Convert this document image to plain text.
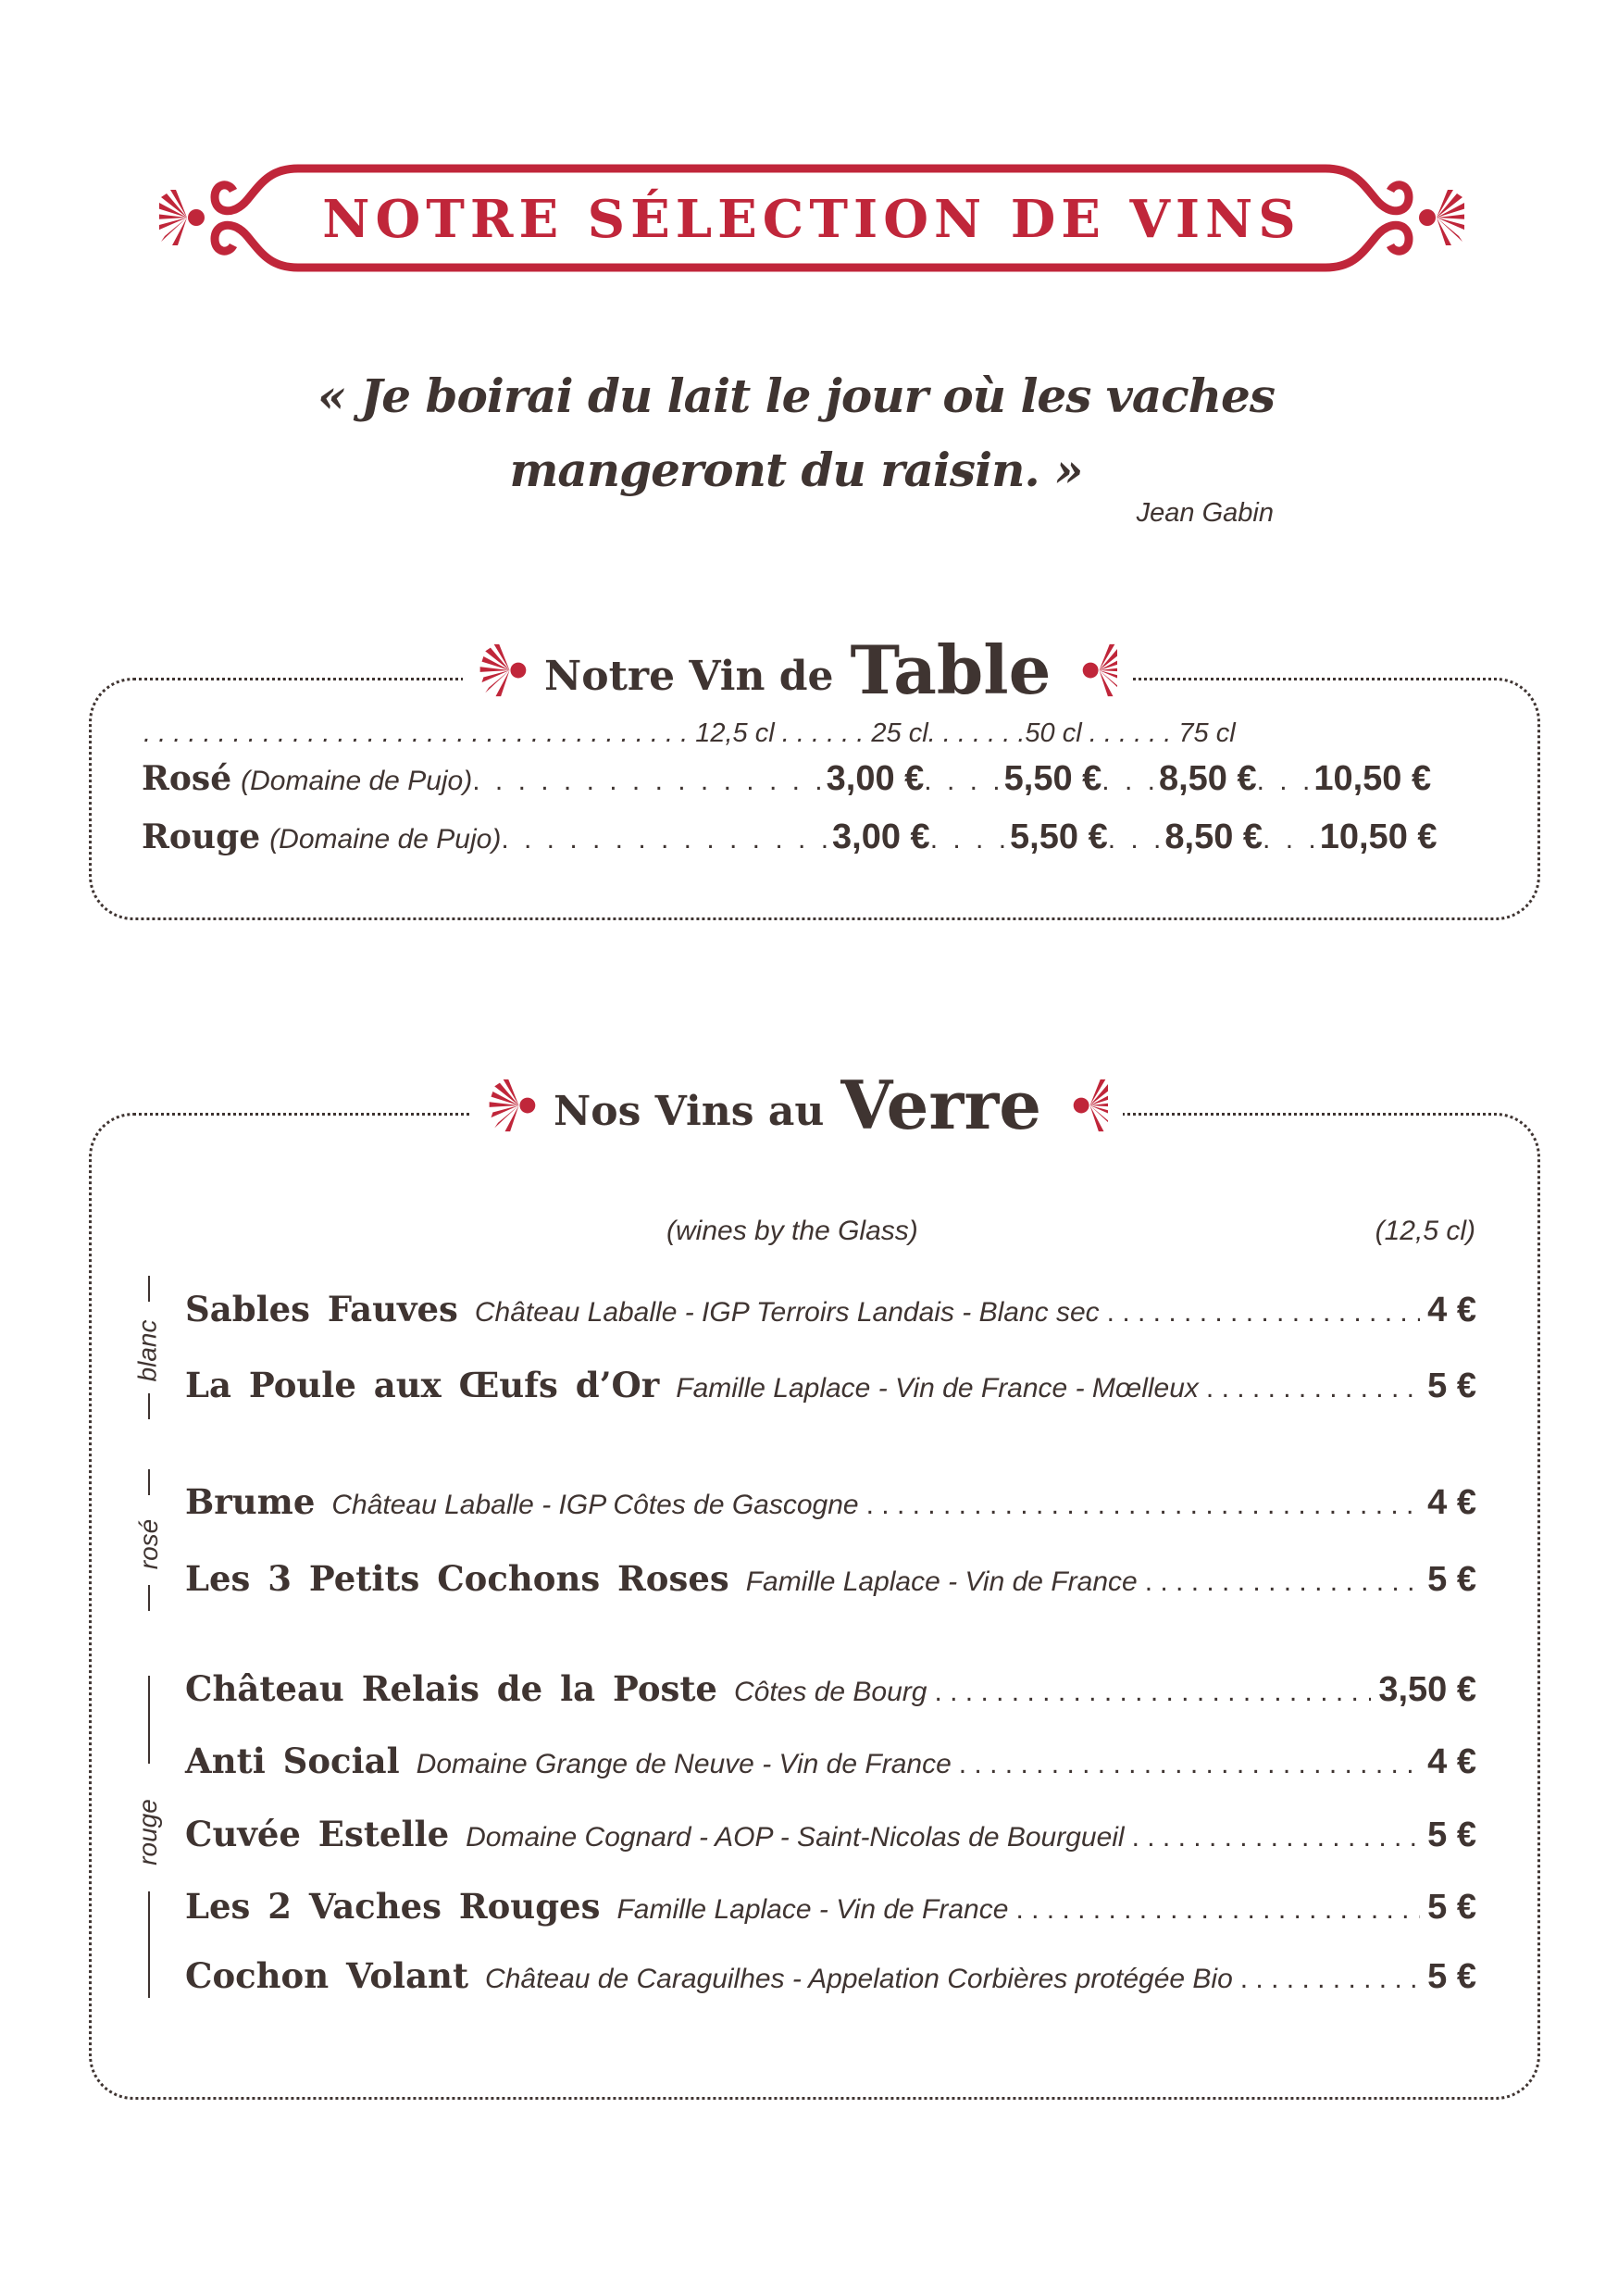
NOTRE SÉLECTION DE VINS
« Je boirai du lait le jour où les vaches
mangeront du raisin. »
Jean Gabin
Notre Vin de Table
. . . . . . . . . . . . . . . . . . . . . . . . . . . . . . . . . . . . . 12,5 cl . . . . . . 25 cl. . . . . . .50 cl . . . . . . 75 cl
Rosé (Domaine de Pujo) . . . . . . . . . . . . . . . . 3,00 € . . . . 5,50 € . . . 8,50 € . . . 10,50 €
Rouge (Domaine de Pujo) . . . . . . . . . . . . . . . 3,00 € . . . . 5,50 € . . . 8,50 € . . . 10,50 €
Nos Vins au Verre
(wines by the Glass)	(12,5 cl)
blanc
rosé
rouge
Sables Fauves Château Laballe - IGP Terroirs Landais - Blanc sec . . .	4 €
La Poule aux Œufs d’Or Famille Laplace - Vin de France - Mœlleux . . .	5 €
Brume Château Laballe - IGP Côtes de Gascogne . . .	4 €
Les 3 Petits Cochons Roses Famille Laplace - Vin de France . . .	5 €
Château Relais de la Poste Côtes de Bourg . . .	3,50 €
Anti Social Domaine Grange de Neuve - Vin de France . . .	4 €
Cuvée Estelle Domaine Cognard - AOP - Saint-Nicolas de Bourgueil . . .	5 €
Les 2 Vaches Rouges Famille Laplace - Vin de France . . .	5 €
Cochon Volant Château de Caraguilhes - Appelation Corbières protégée Bio . . .	5 €
